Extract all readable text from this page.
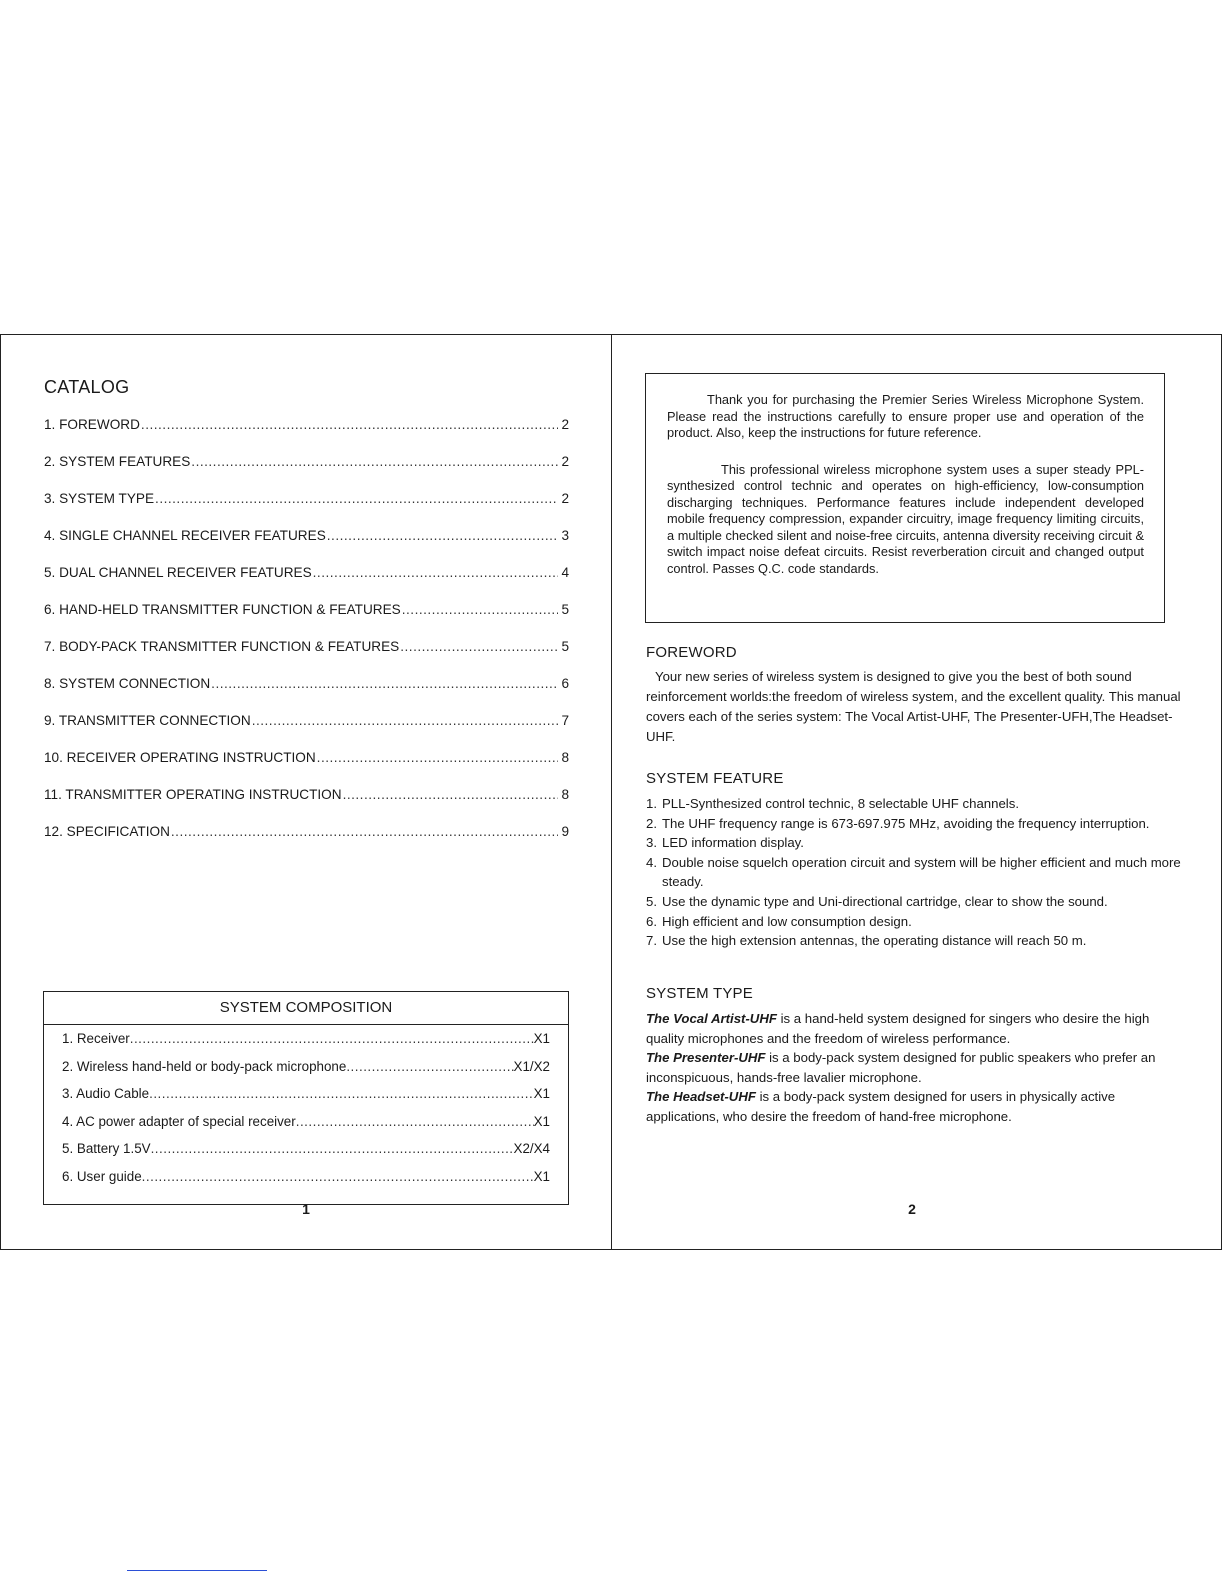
CATALOG
1. FOREWORD .....	2
2. SYSTEM FEATURES .....	2
3. SYSTEM TYPE .....	2
4. SINGLE CHANNEL RECEIVER FEATURES .....	3
5. DUAL CHANNEL RECEIVER FEATURES .....	4
6. HAND-HELD TRANSMITTER FUNCTION & FEATURES .....	5
7. BODY-PACK TRANSMITTER FUNCTION & FEATURES .....	5
8. SYSTEM CONNECTION .....	6
9. TRANSMITTER CONNECTION .....	7
10. RECEIVER OPERATING INSTRUCTION .....	8
11. TRANSMITTER OPERATING INSTRUCTION .....	8
12. SPECIFICATION .....	9
SYSTEM COMPOSITION
1. Receiver .....	X1
2. Wireless hand-held or body-pack microphone .....	X1/X2
3. Audio Cable .....	X1
4. AC power adapter of special receiver .....	X1
5. Battery 1.5V .....	X2/X4
6. User guide .....	X1
1

Thank you for purchasing the Premier Series Wireless Microphone System. Please read the instructions carefully to ensure proper use and operation of the product. Also, keep the instructions for future reference.

This professional wireless microphone system uses a super steady PPL-synthesized control technic and operates on high-efficiency, low-consumption discharging techniques. Performance features include independent developed mobile frequency compression, expander circuitry, image frequency limiting circuits, a multiple checked silent and noise-free circuits, antenna diversity receiving circuit & switch impact noise defeat circuits. Resist reverberation circuit and changed output control. Passes Q.C. code standards.

FOREWORD
Your new series of wireless system is designed to give you the best of both sound reinforcement worlds:the freedom of wireless system, and the excellent quality. This manual covers each of the series system: The Vocal Artist-UHF, The Presenter-UFH,The Headset-UHF.
SYSTEM FEATURE
1. PLL-Synthesized control technic, 8 selectable UHF channels.
2. The UHF frequency range is 673-697.975 MHz, avoiding the frequency interruption.
3. LED information display.
4. Double noise squelch operation circuit and system will be higher efficient and much more steady.
5. Use the dynamic type and Uni-directional cartridge, clear to show the sound.
6. High efficient and low consumption design.
7. Use the high extension antennas, the operating distance will reach 50 m.
SYSTEM TYPE

The Vocal Artist-UHF is a hand-held system designed for singers who desire the high quality microphones and the freedom of wireless performance.

The Presenter-UHF is a body-pack system designed for public speakers who prefer an inconspicuous, hands-free lavalier microphone.

The Headset-UHF is a body-pack system designed for users in physically active applications, who desire the freedom of hand-free microphone.

2
